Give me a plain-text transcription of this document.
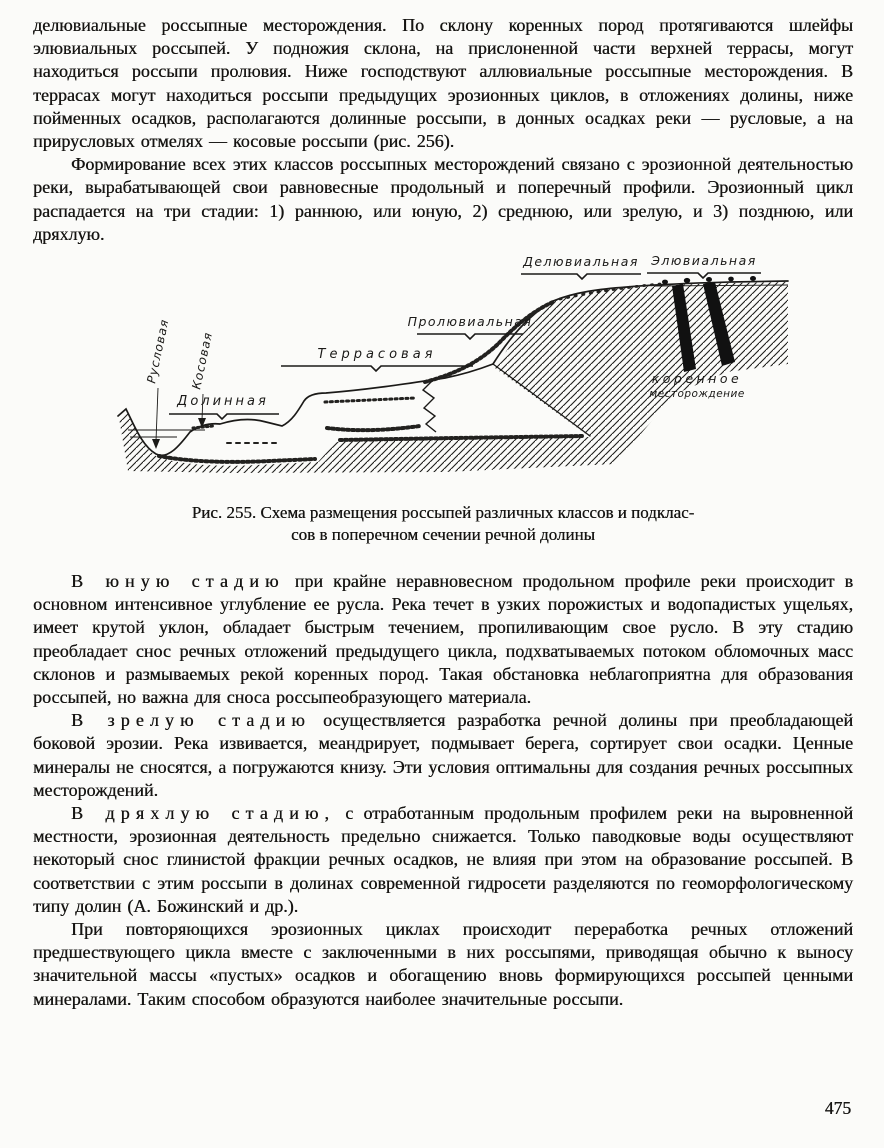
делювиальные россыпные месторождения. По склону коренных пород протягиваются шлейфы элювиальных россыпей. У подножия склона, на прислоненной части верхней террасы, могут находиться россыпи пролювия. Ниже господствуют аллювиальные россыпные месторождения. В террасах могут находиться россыпи предыдущих эрозионных циклов, в отложениях долины, ниже пойменных осадков, располагаются долинные россыпи, в донных осадках реки — русловые, а на прирусловых отмелях — косовые россыпи (рис. 256).

Формирование всех этих классов россыпных месторождений связано с эрозионной деятельностью реки, вырабатывающей свои равновесные продольный и поперечный профили. Эрозионный цикл распадается на три стадии: 1) раннюю, или юную, 2) среднюю, или зрелую, и 3) позднюю, или дряхлую.

Русловая Косовая
Долинная
Террасовая
Пролювиальная
Делювиальная Элювиальная
коренное
месторождение
Рис. 255. Схема размещения россыпей различных классов и подклас-
сов в поперечном сечении речной долины

В юную стадию при крайне неравновесном продольном профиле реки происходит в основном интенсивное углубление ее русла. Река течет в узких порожистых и водопадистых ущельях, имеет крутой уклон, обладает быстрым течением, пропиливающим свое русло. В эту стадию преобладает снос речных отложений предыдущего цикла, подхватываемых потоком обломочных масс склонов и размываемых рекой коренных пород. Такая обстановка неблагоприятна для образования россыпей, но важна для сноса россыпеобразующего материала.

В зрелую стадию осуществляется разработка речной долины при преобладающей боковой эрозии. Река извивается, меандрирует, подмывает берега, сортирует свои осадки. Ценные минералы не сносятся, а погружаются книзу. Эти условия оптимальны для создания речных россыпных месторождений.

В дряхлую стадию, с отработанным продольным профилем реки на выровненной местности, эрозионная деятельность предельно снижается. Только паводковые воды осуществляют некоторый снос глинистой фракции речных осадков, не влияя при этом на образование россыпей. В соответствии с этим россыпи в долинах современной гидросети разделяются по геоморфологическому типу долин (А. Божинский и др.).

При повторяющихся эрозионных циклах происходит переработка речных отложений предшествующего цикла вместе с заключенными в них россыпями, приводящая обычно к выносу значительной массы «пустых» осадков и обогащению вновь формирующихся россыпей ценными минералами. Таким способом образуются наиболее значительные россыпи.

475
